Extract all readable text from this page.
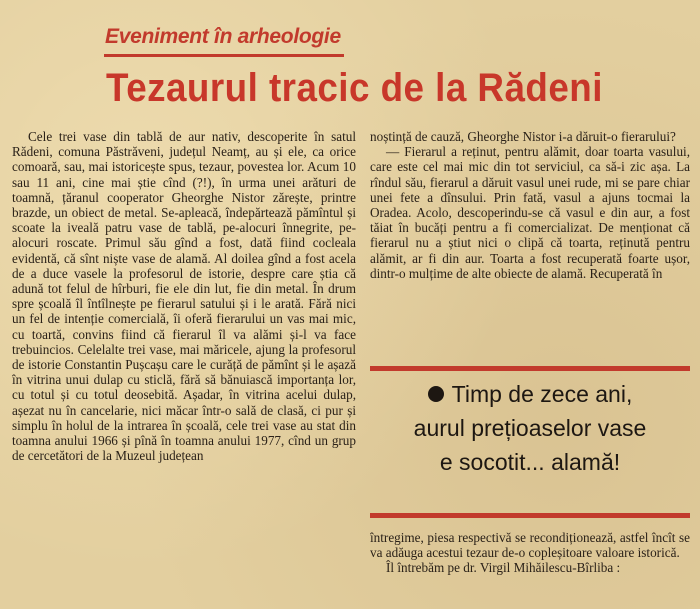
Eveniment în arheologie

Tezaurul tracic de la Rădeni

Cele trei vase din tablă de aur nativ, descoperite în satul Rădeni, comuna Păstrăveni, județul Neamț, au și ele, ca orice comoară, sau, mai istoricește spus, tezaur, povestea lor. Acum 10 sau 11 ani, cine mai știe cînd (?!), în urma unei arături de toamnă, țăranul cooperator Gheorghe Nistor zărește, printre brazde, un obiect de metal. Se-apleacă, îndepărtează pămîntul și scoate la iveală patru vase de tablă, pe-alocuri înnegrite, pe-alocuri roscate. Primul său gînd a fost, dată fiind cocleala evidentă, că sînt niște vase de alamă. Al doilea gînd a fost acela de a duce vasele la profesorul de istorie, despre care știa că adună tot felul de hîrburi, fie ele din lut, fie din metal. În drum spre școală îl întîlnește pe fierarul satului și i le arată. Fără nici un fel de intenție comercială, îi oferă fierarului un vas mai mic, cu toartă, convins fiind că fierarul îl va alămi și-l va face trebuincios. Celelalte trei vase, mai măricele, ajung la profesorul de istorie Constantin Pușcașu care le curăță de pămînt și le așază în vitrina unui dulap cu sticlă, fără să bănuiască importanța lor, cu totul și cu totul deosebită. Așadar, în vitrina acelui dulap, așezat nu în cancelarie, nici măcar într-o sală de clasă, ci pur și simplu în holul de la intrarea în școală, cele trei vase au stat din toamna anului 1966 și pînă în toamna anului 1977, cînd un grup de cercetători de la Muzeul județean

noștință de cauză, Gheorghe Nistor i-a dăruit-o fierarului?

— Fierarul a reținut, pentru alămit, doar toarta vasului, care este cel mai mic din tot serviciul, ca să-i zic așa. La rîndul său, fierarul a dăruit vasul unei rude, mi se pare chiar unei fete a dînsului. Prin fată, vasul a ajuns tocmai la Oradea. Acolo, descoperindu-se că vasul e din aur, a fost tăiat în bucăți pentru a fi comercializat. De menționat că fierarul nu a știut nici o clipă că toarta, reținută pentru alămit, ar fi din aur. Toarta a fost recuperată foarte ușor, dintr-o mulțime de alte obiecte de alamă. Recuperată în

Timp de zece ani,
aurul prețioaselor vase
e socotit... alamă!

întregime, piesa respectivă se recondiționează, astfel încît se va adăuga acestui tezaur de-o copleșitoare valoare istorică.

Îl întrebăm pe dr. Virgil Mihăilescu-Bîrliba :
